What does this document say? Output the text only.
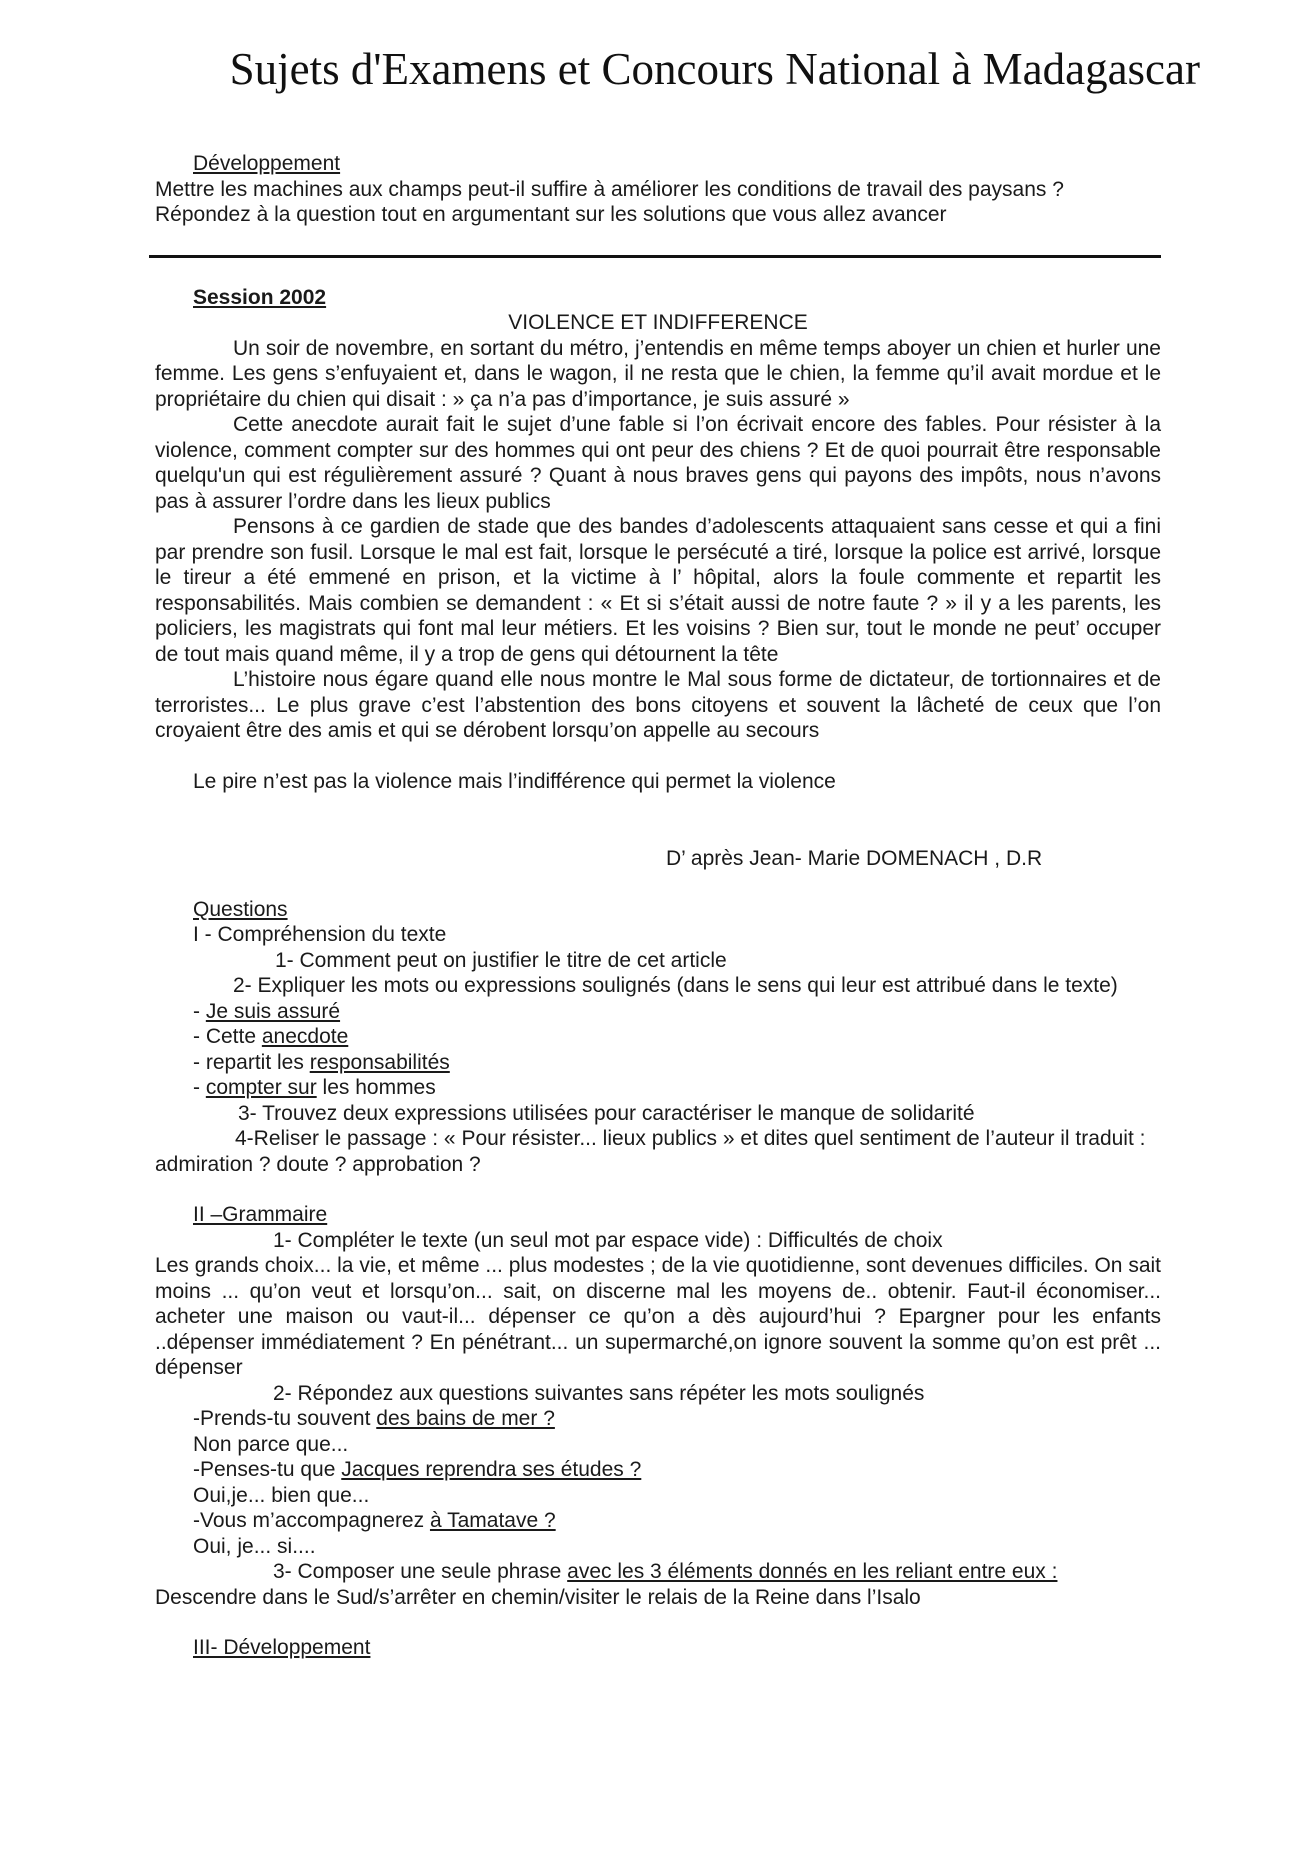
Sujets d'Examens et Concours National à Madagascar

Développement

Mettre les machines aux champs peut-il suffire à améliorer les conditions de travail des paysans ?

Répondez à la question tout en argumentant sur les solutions que vous allez avancer

Session 2002

VIOLENCE ET INDIFFERENCE

Un soir de novembre, en sortant du métro, j’entendis en même temps aboyer un chien et hurler une femme. Les gens s’enfuyaient et, dans le wagon, il ne resta que le chien, la femme qu’il avait mordue et le propriétaire du chien qui disait : » ça n’a pas d’importance, je suis assuré »

Cette anecdote aurait fait le sujet d’une fable si l’on écrivait encore des fables. Pour résister à la violence, comment compter sur des hommes qui ont peur des chiens ? Et de quoi pourrait être responsable quelqu'un qui est régulièrement assuré ? Quant à nous braves gens qui payons des impôts, nous n’avons pas à assurer l’ordre dans les lieux publics

Pensons à ce gardien de stade que des bandes d’adolescents attaquaient sans cesse et qui a fini par prendre son fusil. Lorsque le mal est fait, lorsque le persécuté a tiré, lorsque la police est arrivé, lorsque le tireur a été emmené en prison, et la victime à l’ hôpital, alors la foule commente et repartit les responsabilités. Mais combien se demandent : « Et si s’était aussi de notre faute ? » il y a les parents, les policiers, les magistrats qui font mal leur métiers. Et les voisins ? Bien sur, tout le monde ne peut’ occuper de tout mais quand même, il y a trop de gens qui détournent la tête

L’histoire nous égare quand elle nous montre le Mal sous forme de dictateur, de tortionnaires et de terroristes... Le plus grave c’est l’abstention des bons citoyens et souvent la lâcheté de ceux que l’on croyaient être des amis et qui se dérobent lorsqu’on appelle au secours

Le pire n’est pas la violence mais l’indifférence qui permet la violence

D’ après Jean- Marie DOMENACH , D.R

Questions

I - Compréhension du texte

1- Comment peut on justifier le titre de cet article

2- Expliquer les mots ou expressions soulignés (dans le sens qui leur est attribué dans le texte)

- Je suis assuré

- Cette anecdote

- repartit les responsabilités

- compter sur les hommes

3- Trouvez deux expressions utilisées pour caractériser le manque de solidarité

4-Reliser le passage : « Pour résister... lieux publics » et dites quel sentiment de l’auteur il traduit : admiration ? doute ? approbation ?

II –Grammaire

1- Compléter le texte (un seul mot par espace vide) : Difficultés de choix

Les grands choix... la vie, et même ... plus modestes ; de la vie quotidienne, sont devenues difficiles. On sait moins ... qu’on veut et lorsqu’on... sait, on discerne mal les moyens de.. obtenir. Faut-il économiser... acheter une maison ou vaut-il... dépenser ce qu’on a dès aujourd’hui ? Epargner pour les enfants ..dépenser immédiatement ? En pénétrant... un supermarché,on ignore souvent la somme qu’on est prêt ... dépenser

2- Répondez aux questions suivantes sans répéter les mots soulignés

-Prends-tu souvent des bains de mer ?

Non parce que...

-Penses-tu que Jacques reprendra ses études ?

Oui,je... bien que...

-Vous m’accompagnerez à Tamatave ?

Oui, je... si....

3- Composer une seule phrase avec les 3 éléments donnés en les reliant entre eux :

Descendre dans le Sud/s’arrêter en chemin/visiter le relais de la Reine dans l’Isalo

III- Développement
